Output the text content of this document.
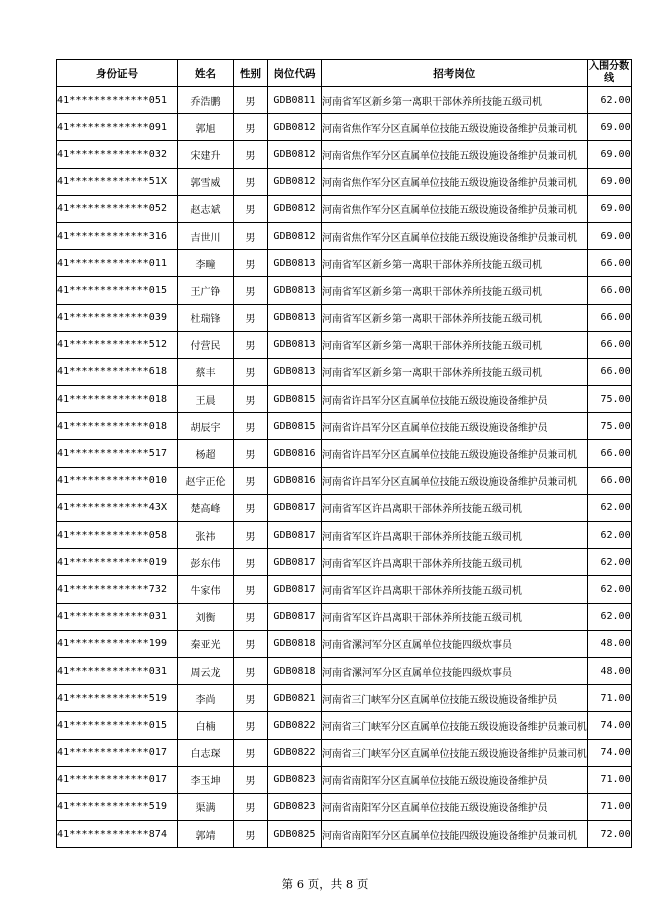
身份证号	姓名	性别	岗位代码	招考岗位	入围分数线
41*************051	乔浩鹏	男	GDB0811	河南省军区新乡第一离职干部休养所技能五级司机	62.00
41*************091	郭旭	男	GDB0812	河南省焦作军分区直属单位技能五级设施设备维护员兼司机	69.00
41*************032	宋建升	男	GDB0812	河南省焦作军分区直属单位技能五级设施设备维护员兼司机	69.00
41*************51X	郭雪威	男	GDB0812	河南省焦作军分区直属单位技能五级设施设备维护员兼司机	69.00
41*************052	赵志斌	男	GDB0812	河南省焦作军分区直属单位技能五级设施设备维护员兼司机	69.00
41*************316	吉世川	男	GDB0812	河南省焦作军分区直属单位技能五级设施设备维护员兼司机	69.00
41*************011	李疃	男	GDB0813	河南省军区新乡第一离职干部休养所技能五级司机	66.00
41*************015	王广铮	男	GDB0813	河南省军区新乡第一离职干部休养所技能五级司机	66.00
41*************039	杜瑞锋	男	GDB0813	河南省军区新乡第一离职干部休养所技能五级司机	66.00
41*************512	付营民	男	GDB0813	河南省军区新乡第一离职干部休养所技能五级司机	66.00
41*************618	蔡丰	男	GDB0813	河南省军区新乡第一离职干部休养所技能五级司机	66.00
41*************018	王晨	男	GDB0815	河南省许昌军分区直属单位技能五级设施设备维护员	75.00
41*************018	胡辰宇	男	GDB0815	河南省许昌军分区直属单位技能五级设施设备维护员	75.00
41*************517	杨超	男	GDB0816	河南省许昌军分区直属单位技能五级设施设备维护员兼司机	66.00
41*************010	赵宇正伦	男	GDB0816	河南省许昌军分区直属单位技能五级设施设备维护员兼司机	66.00
41*************43X	楚高峰	男	GDB0817	河南省军区许昌离职干部休养所技能五级司机	62.00
41*************058	张祎	男	GDB0817	河南省军区许昌离职干部休养所技能五级司机	62.00
41*************019	彭东伟	男	GDB0817	河南省军区许昌离职干部休养所技能五级司机	62.00
41*************732	牛家伟	男	GDB0817	河南省军区许昌离职干部休养所技能五级司机	62.00
41*************031	刘衡	男	GDB0817	河南省军区许昌离职干部休养所技能五级司机	62.00
41*************199	秦亚光	男	GDB0818	河南省漯河军分区直属单位技能四级炊事员	48.00
41*************031	周云龙	男	GDB0818	河南省漯河军分区直属单位技能四级炊事员	48.00
41*************519	李尚	男	GDB0821	河南省三门峡军分区直属单位技能五级设施设备维护员	71.00
41*************015	白楠	男	GDB0822	河南省三门峡军分区直属单位技能五级设施设备维护员兼司机	74.00
41*************017	白志琛	男	GDB0822	河南省三门峡军分区直属单位技能五级设施设备维护员兼司机	74.00
41*************017	李玉坤	男	GDB0823	河南省南阳军分区直属单位技能五级设施设备维护员	71.00
41*************519	渠满	男	GDB0823	河南省南阳军分区直属单位技能五级设施设备维护员	71.00
41*************874	郭靖	男	GDB0825	河南省南阳军分区直属单位技能四级设施设备维护员兼司机	72.00
第 6 页，共 8 页
